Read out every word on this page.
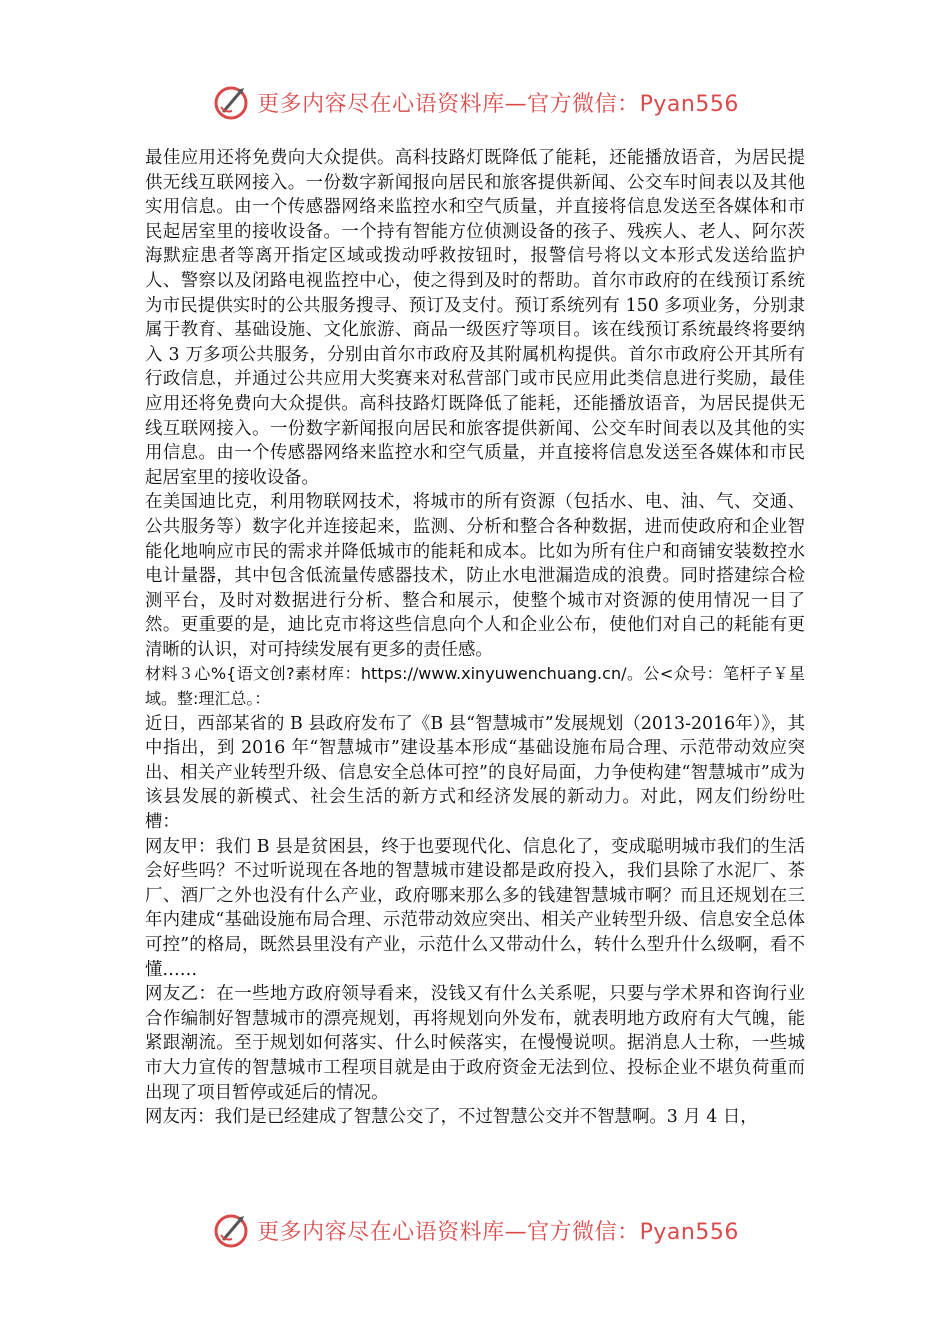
更多内容尽在心语资料库—官方微信：Pyan556

最佳应用还将免费向大众提供。高科技路灯既降低了能耗，还能播放语音，为居民提供无线互联网接入。一份数字新闻报向居民和旅客提供新闻、公交车时间表以及其他实用信息。由一个传感器网络来监控水和空气质量，并直接将信息发送至各媒体和市民起居室里的接收设备。一个持有智能方位侦测设备的孩子、残疾人、老人、阿尔茨海默症患者等离开指定区域或拨动呼救按钮时，报警信号将以文本形式发送给监护人、警察以及闭路电视监控中心，使之得到及时的帮助。首尔市政府的在线预订系统为市民提供实时的公共服务搜寻、预订及支付。预订系统列有 150 多项业务，分别隶属于教育、基础设施、文化旅游、商品一级医疗等项目。该在线预订系统最终将要纳入 3 万多项公共服务，分别由首尔市政府及其附属机构提供。首尔市政府公开其所有行政信息，并通过公共应用大奖赛来对私营部门或市民应用此类信息进行奖励，最佳应用还将免费向大众提供。高科技路灯既降低了能耗，还能播放语音，为居民提供无线互联网接入。一份数字新闻报向居民和旅客提供新闻、公交车时间表以及其他的实用信息。由一个传感器网络来监控水和空气质量，并直接将信息发送至各媒体和市民起居室里的接收设备。

在美国迪比克，利用物联网技术，将城市的所有资源（包括水、电、油、气、交通、公共服务等）数字化并连接起来，监测、分析和整合各种数据，进而使政府和企业智能化地响应市民的需求并降低城市的能耗和成本。比如为所有住户和商铺安装数控水电计量器，其中包含低流量传感器技术，防止水电泄漏造成的浪费。同时搭建综合检测平台，及时对数据进行分析、整合和展示，使整个城市对资源的使用情况一目了然。更重要的是，迪比克市将这些信息向个人和企业公布，使他们对自己的耗能有更清晰的认识，对可持续发展有更多的责任感。

材料３心%{语文创?素材库：https://www.xinyuwenchuang.cn/。公<众号：笔杆子￥星域。整:理汇总。：

近日，西部某省的 B 县政府发布了《B 县“智慧城市”发展规划（2013-2016年）》，其中指出，到 2016 年“智慧城市”建设基本形成“基础设施布局合理、示范带动效应突出、相关产业转型升级、信息安全总体可控”的良好局面，力争使构建“智慧城市”成为该县发展的新模式、社会生活的新方式和经济发展的新动力。对此，网友们纷纷吐槽：

网友甲：我们 B 县是贫困县，终于也要现代化、信息化了，变成聪明城市我们的生活会好些吗？不过听说现在各地的智慧城市建设都是政府投入，我们县除了水泥厂、茶厂、酒厂之外也没有什么产业，政府哪来那么多的钱建智慧城市啊？而且还规划在三年内建成“基础设施布局合理、示范带动效应突出、相关产业转型升级、信息安全总体可控”的格局，既然县里没有产业，示范什么又带动什么，转什么型升什么级啊，看不懂……

网友乙：在一些地方政府领导看来，没钱又有什么关系呢，只要与学术界和咨询行业合作编制好智慧城市的漂亮规划，再将规划向外发布，就表明地方政府有大气魄，能紧跟潮流。至于规划如何落实、什么时候落实，在慢慢说呗。据消息人士称，一些城市大力宣传的智慧城市工程项目就是由于政府资金无法到位、投标企业不堪负荷重而出现了项目暂停或延后的情况。

网友丙：我们是已经建成了智慧公交了，不过智慧公交并不智慧啊。3 月 4 日，

更多内容尽在心语资料库—官方微信：Pyan556
